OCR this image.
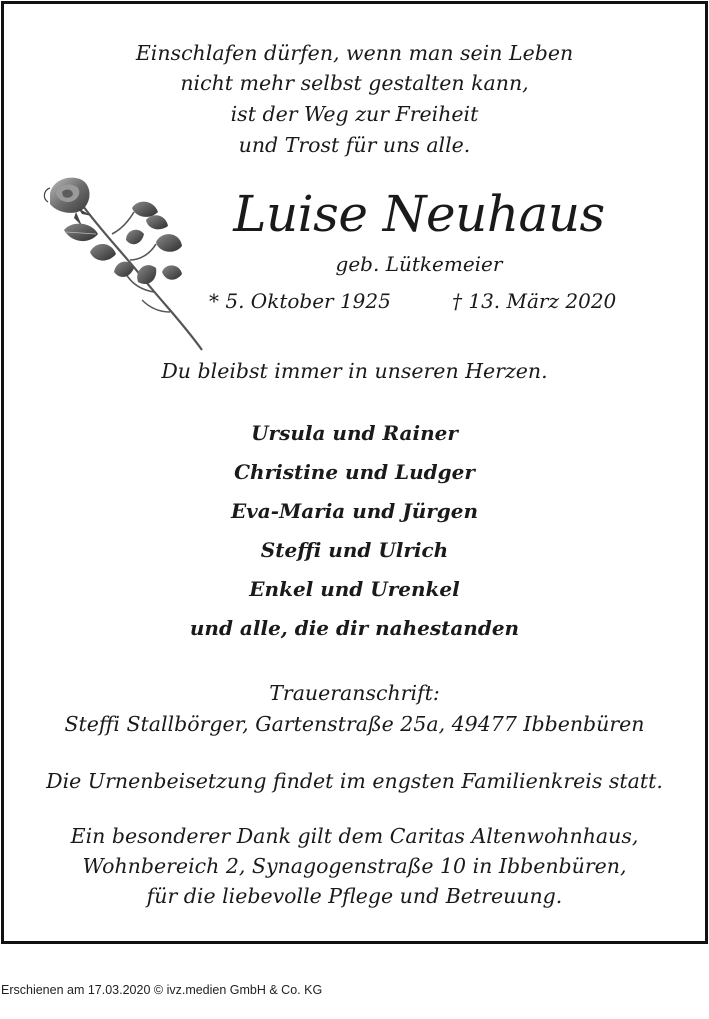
Einschlafen dürfen, wenn man sein Leben
nicht mehr selbst gestalten kann,
ist der Weg zur Freiheit
und Trost für uns alle.
Luise Neuhaus
geb. Lütkemeier
* 5. Oktober 1925	† 13. März 2020
Du bleibst immer in unseren Herzen.
Ursula und Rainer
Christine und Ludger
Eva-Maria und Jürgen
Steffi und Ulrich
Enkel und Urenkel
und alle, die dir nahestanden
Traueranschrift:
Steffi Stallbörger, Gartenstraße 25a, 49477 Ibbenbüren
Die Urnenbeisetzung findet im engsten Familienkreis statt.
Ein besonderer Dank gilt dem Caritas Altenwohnhaus,
Wohnbereich 2, Synagogenstraße 10 in Ibbenbüren,
für die liebevolle Pflege und Betreuung.
Erschienen am 17.03.2020 © ivz.medien GmbH & Co. KG
